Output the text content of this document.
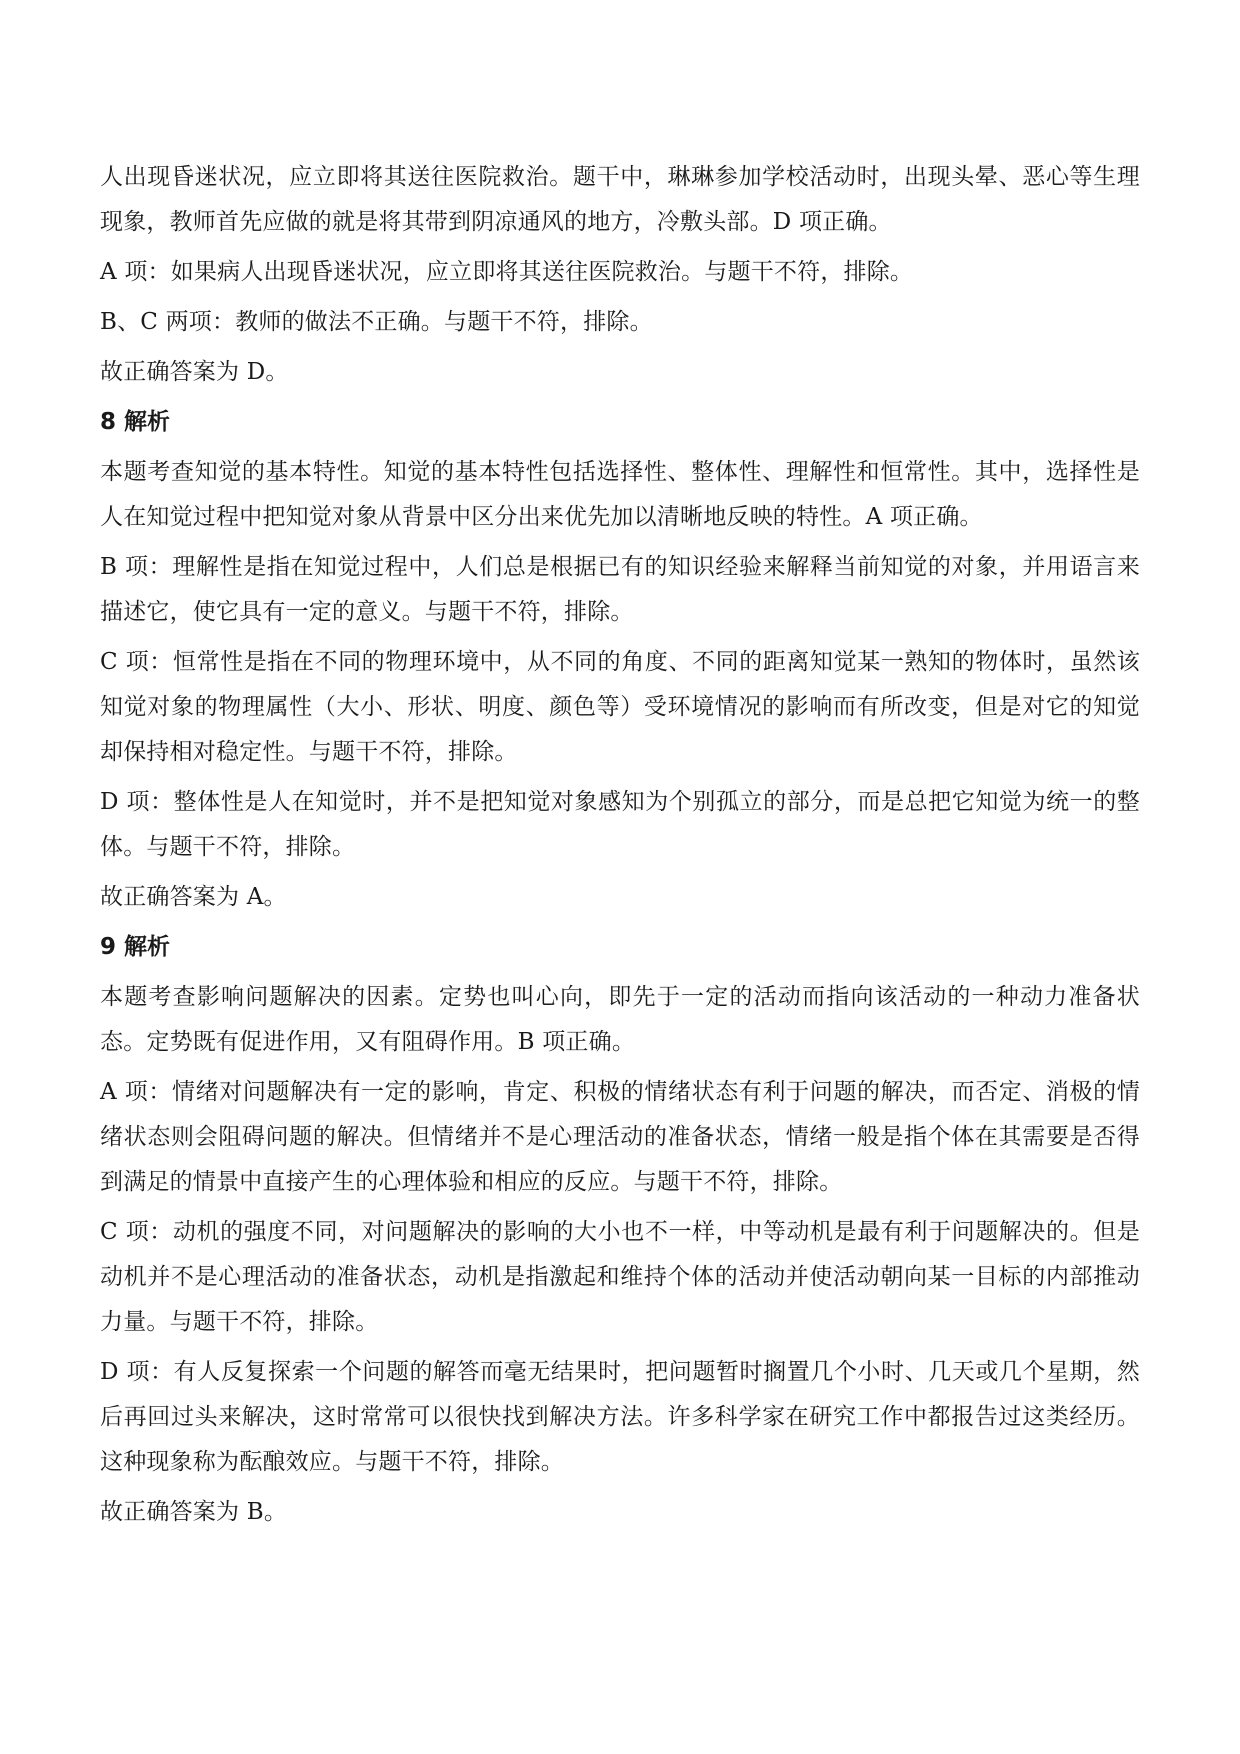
人出现昏迷状况，应立即将其送往医院救治。题干中，琳琳参加学校活动时，出现头晕、恶心等生理现象，教师首先应做的就是将其带到阴凉通风的地方，冷敷头部。D 项正确。

A 项：如果病人出现昏迷状况，应立即将其送往医院救治。与题干不符，排除。

B、C 两项：教师的做法不正确。与题干不符，排除。

故正确答案为 D。

8 解析

本题考查知觉的基本特性。知觉的基本特性包括选择性、整体性、理解性和恒常性。其中，选择性是人在知觉过程中把知觉对象从背景中区分出来优先加以清晰地反映的特性。A 项正确。

B 项：理解性是指在知觉过程中，人们总是根据已有的知识经验来解释当前知觉的对象，并用语言来描述它，使它具有一定的意义。与题干不符，排除。

C 项：恒常性是指在不同的物理环境中，从不同的角度、不同的距离知觉某一熟知的物体时，虽然该知觉对象的物理属性（大小、形状、明度、颜色等）受环境情况的影响而有所改变，但是对它的知觉却保持相对稳定性。与题干不符，排除。

D 项：整体性是人在知觉时，并不是把知觉对象感知为个别孤立的部分，而是总把它知觉为统一的整体。与题干不符，排除。

故正确答案为 A。

9 解析

本题考查影响问题解决的因素。定势也叫心向，即先于一定的活动而指向该活动的一种动力准备状态。定势既有促进作用，又有阻碍作用。B 项正确。

A 项：情绪对问题解决有一定的影响，肯定、积极的情绪状态有利于问题的解决，而否定、消极的情绪状态则会阻碍问题的解决。但情绪并不是心理活动的准备状态，情绪一般是指个体在其需要是否得到满足的情景中直接产生的心理体验和相应的反应。与题干不符，排除。

C 项：动机的强度不同，对问题解决的影响的大小也不一样，中等动机是最有利于问题解决的。但是动机并不是心理活动的准备状态，动机是指激起和维持个体的活动并使活动朝向某一目标的内部推动力量。与题干不符，排除。

D 项：有人反复探索一个问题的解答而毫无结果时，把问题暂时搁置几个小时、几天或几个星期，然后再回过头来解决，这时常常可以很快找到解决方法。许多科学家在研究工作中都报告过这类经历。这种现象称为酝酿效应。与题干不符，排除。

故正确答案为 B。
